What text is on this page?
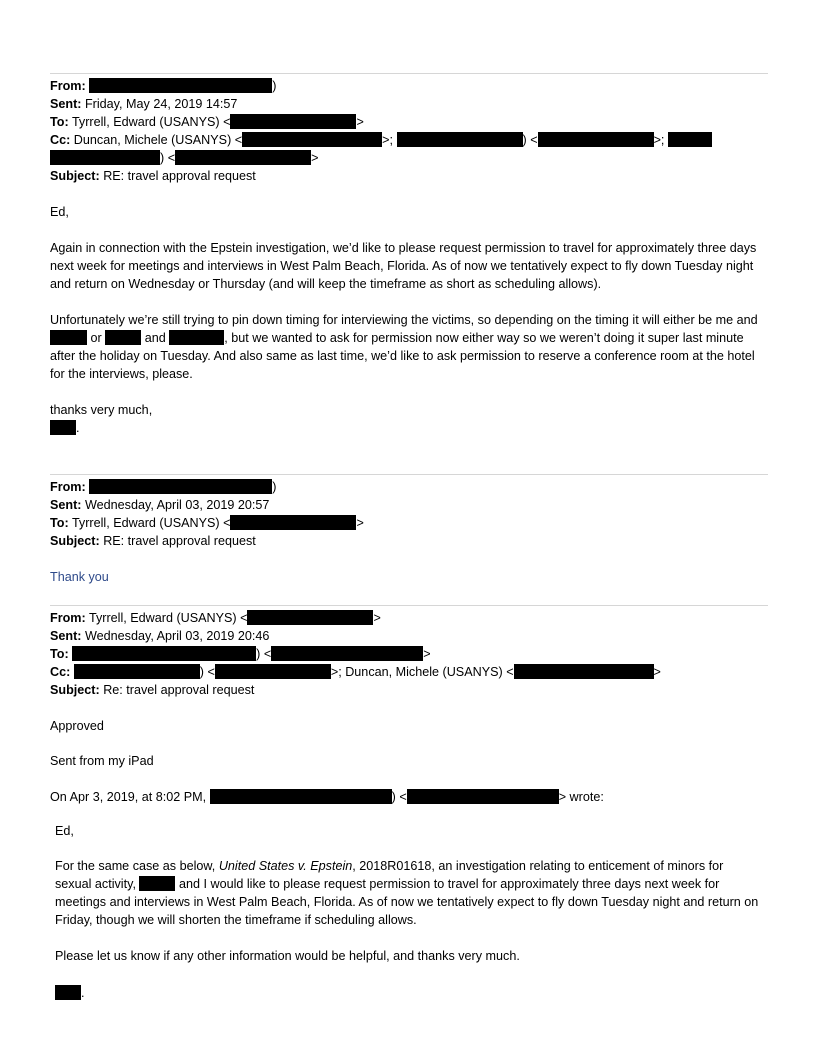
From:	)
Sent: Friday, May 24, 2019 14:57
To: Tyrrell, Edward (USANYS) <	>
Cc: Duncan, Michele (USANYS) <	>;	) <	>;
) <	>
Subject: RE: travel approval request
Ed,
Again in connection with the Epstein investigation, we’d like to please request permission to travel for approximately three days next week for meetings and interviews in West Palm Beach, Florida. As of now we tentatively expect to fly down Tuesday night and return on Wednesday or Thursday (and will keep the timeframe as short as scheduling allows).
Unfortunately we’re still trying to pin down timing for interviewing the victims, so depending on the timing it will either be me and  or	and	, but we wanted to ask for permission now either way so we weren’t doing it super last minute after the holiday on Tuesday. And also same as last time, we’d like to ask permission to reserve a conference room at the hotel for the interviews, please.
thanks very much,
.
From:	)
Sent: Wednesday, April 03, 2019 20:57
To: Tyrrell, Edward (USANYS) <	>
Subject: RE: travel approval request
Thank you
From: Tyrrell, Edward (USANYS) <	>
Sent: Wednesday, April 03, 2019 20:46
To:	) <	>
Cc:	) <	>; Duncan, Michele (USANYS) <	>
Subject: Re: travel approval request
Approved
Sent from my iPad
On Apr 3, 2019, at 8:02 PM,	) <	> wrote:
Ed,
For the same case as below, United States v. Epstein, 2018R01618, an investigation relating to enticement of minors for sexual activity,	and I would like to please request permission to travel for approximately three days next week for meetings and interviews in West Palm Beach, Florida. As of now we tentatively expect to fly down Tuesday night and return on Friday, though we will shorten the timeframe if scheduling allows.
Please let us know if any other information would be helpful, and thanks very much.
.
